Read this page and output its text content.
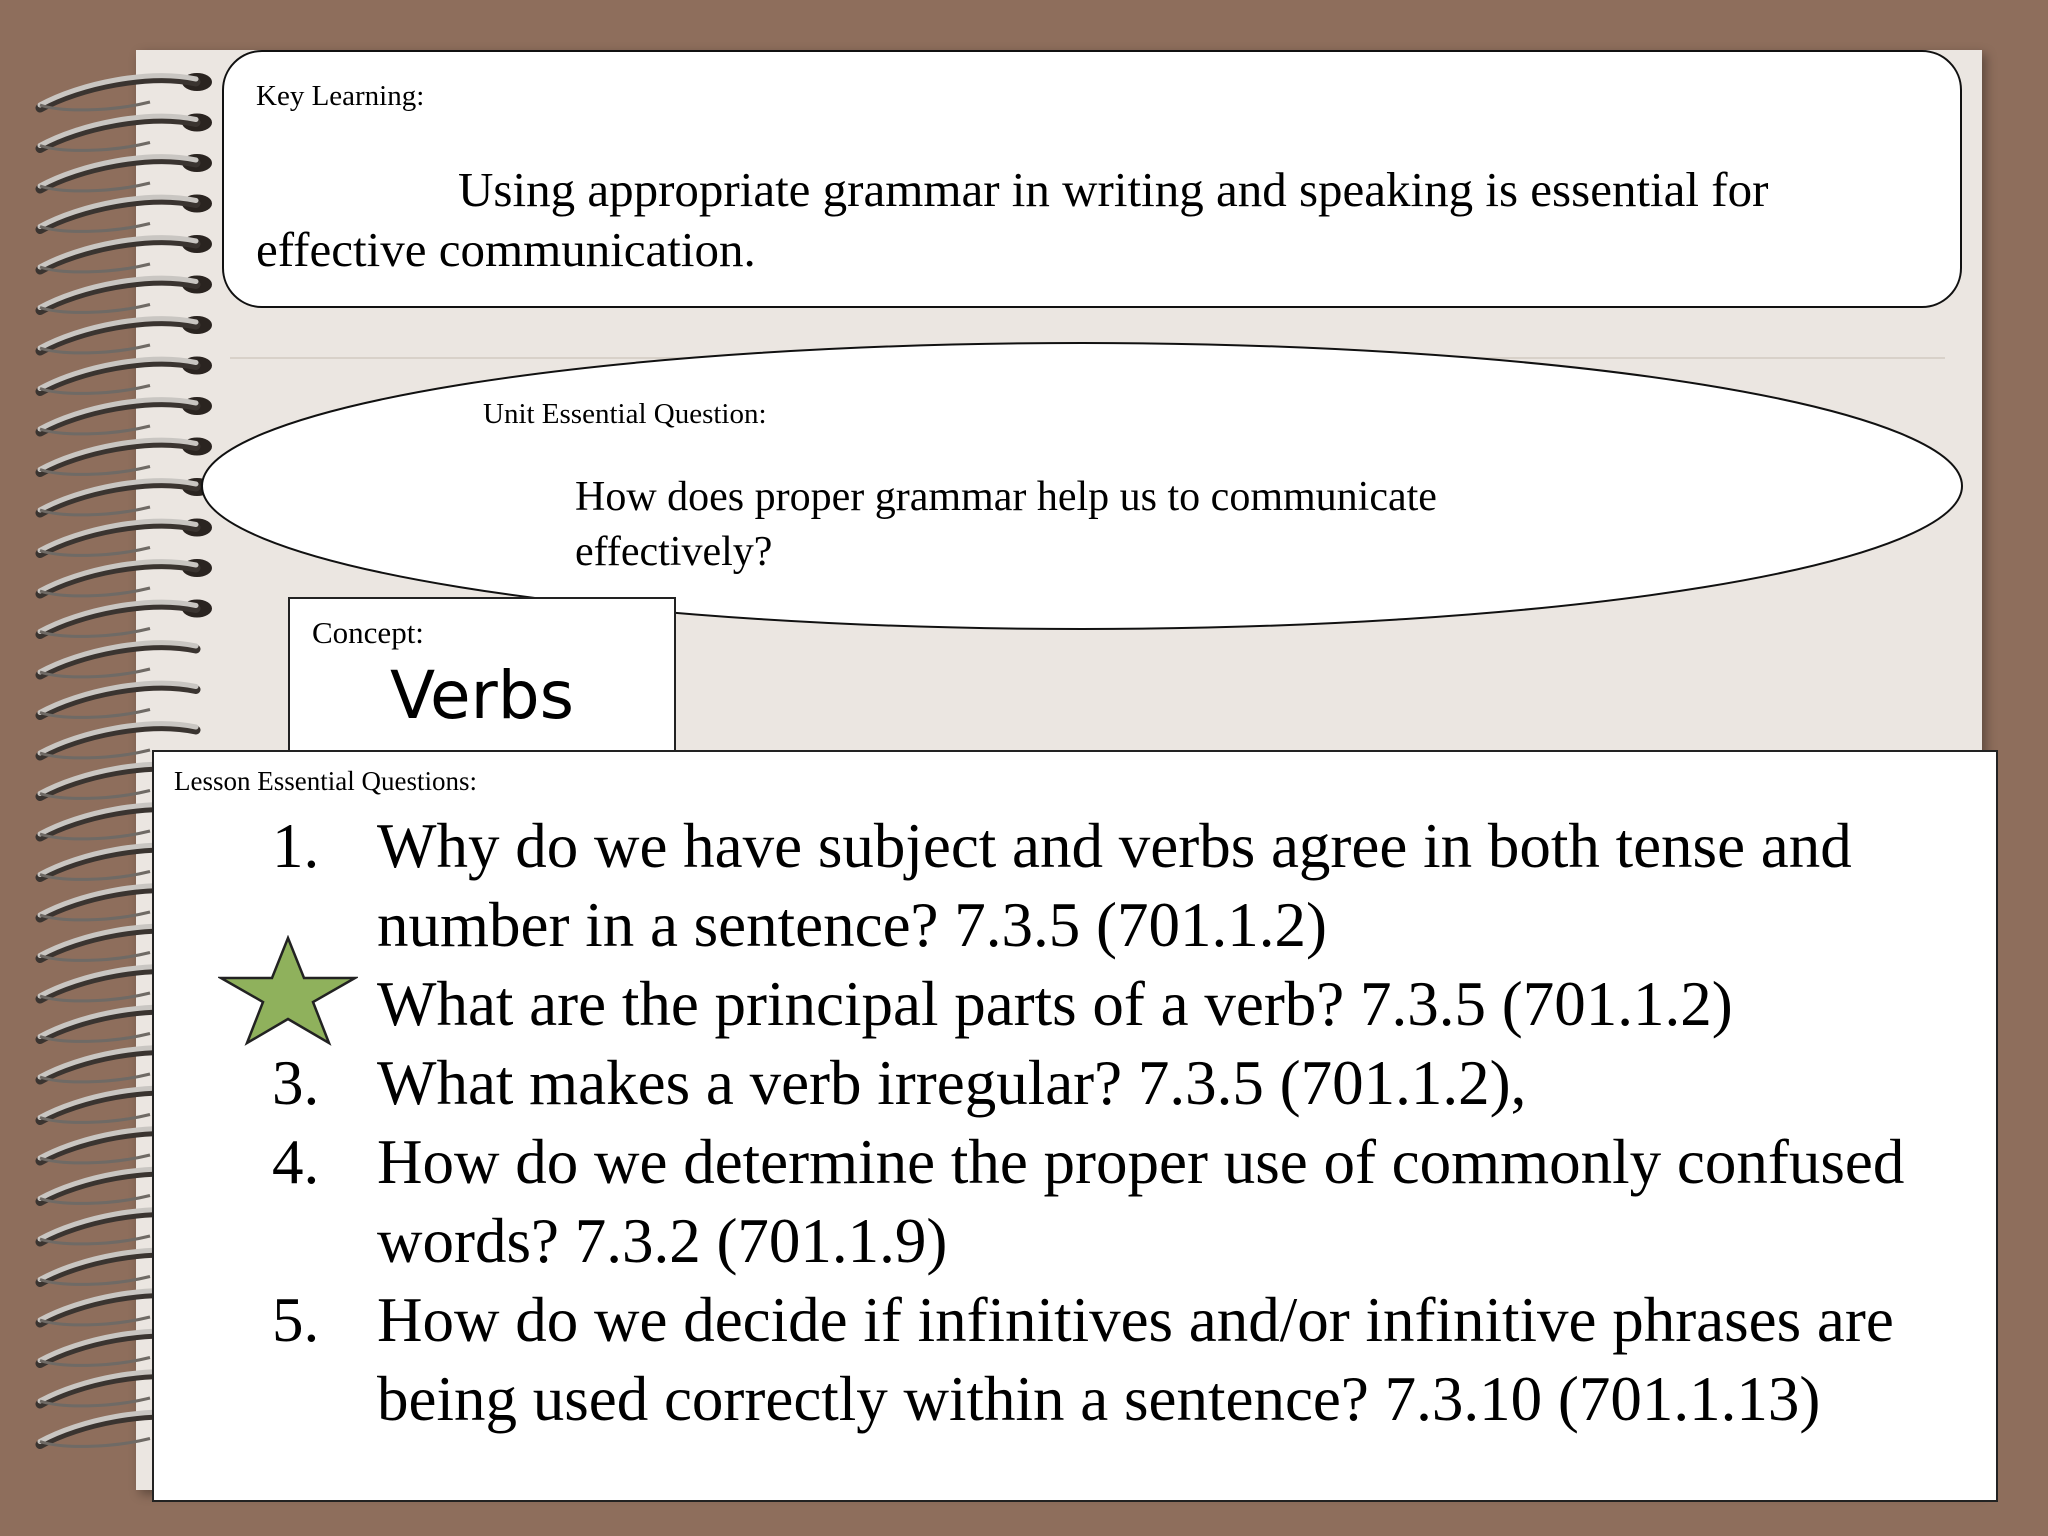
Key Learning:
Using appropriate grammar in writing and speaking is essential for effective communication.
Unit Essential Question:
How does proper grammar help us to communicate effectively?
Concept:
Verbs
Lesson Essential Questions:
1. Why do we have subject and verbs agree in both tense and number in a sentence? 7.3.5 (701.1.2)
What are the principal parts of a verb? 7.3.5 (701.1.2)
3. What makes a verb irregular? 7.3.5 (701.1.2),
4. How do we determine the proper use of commonly confused words? 7.3.2 (701.1.9)
5. How do we decide if infinitives and/or infinitive phrases are being used correctly within a sentence? 7.3.10 (701.1.13)
